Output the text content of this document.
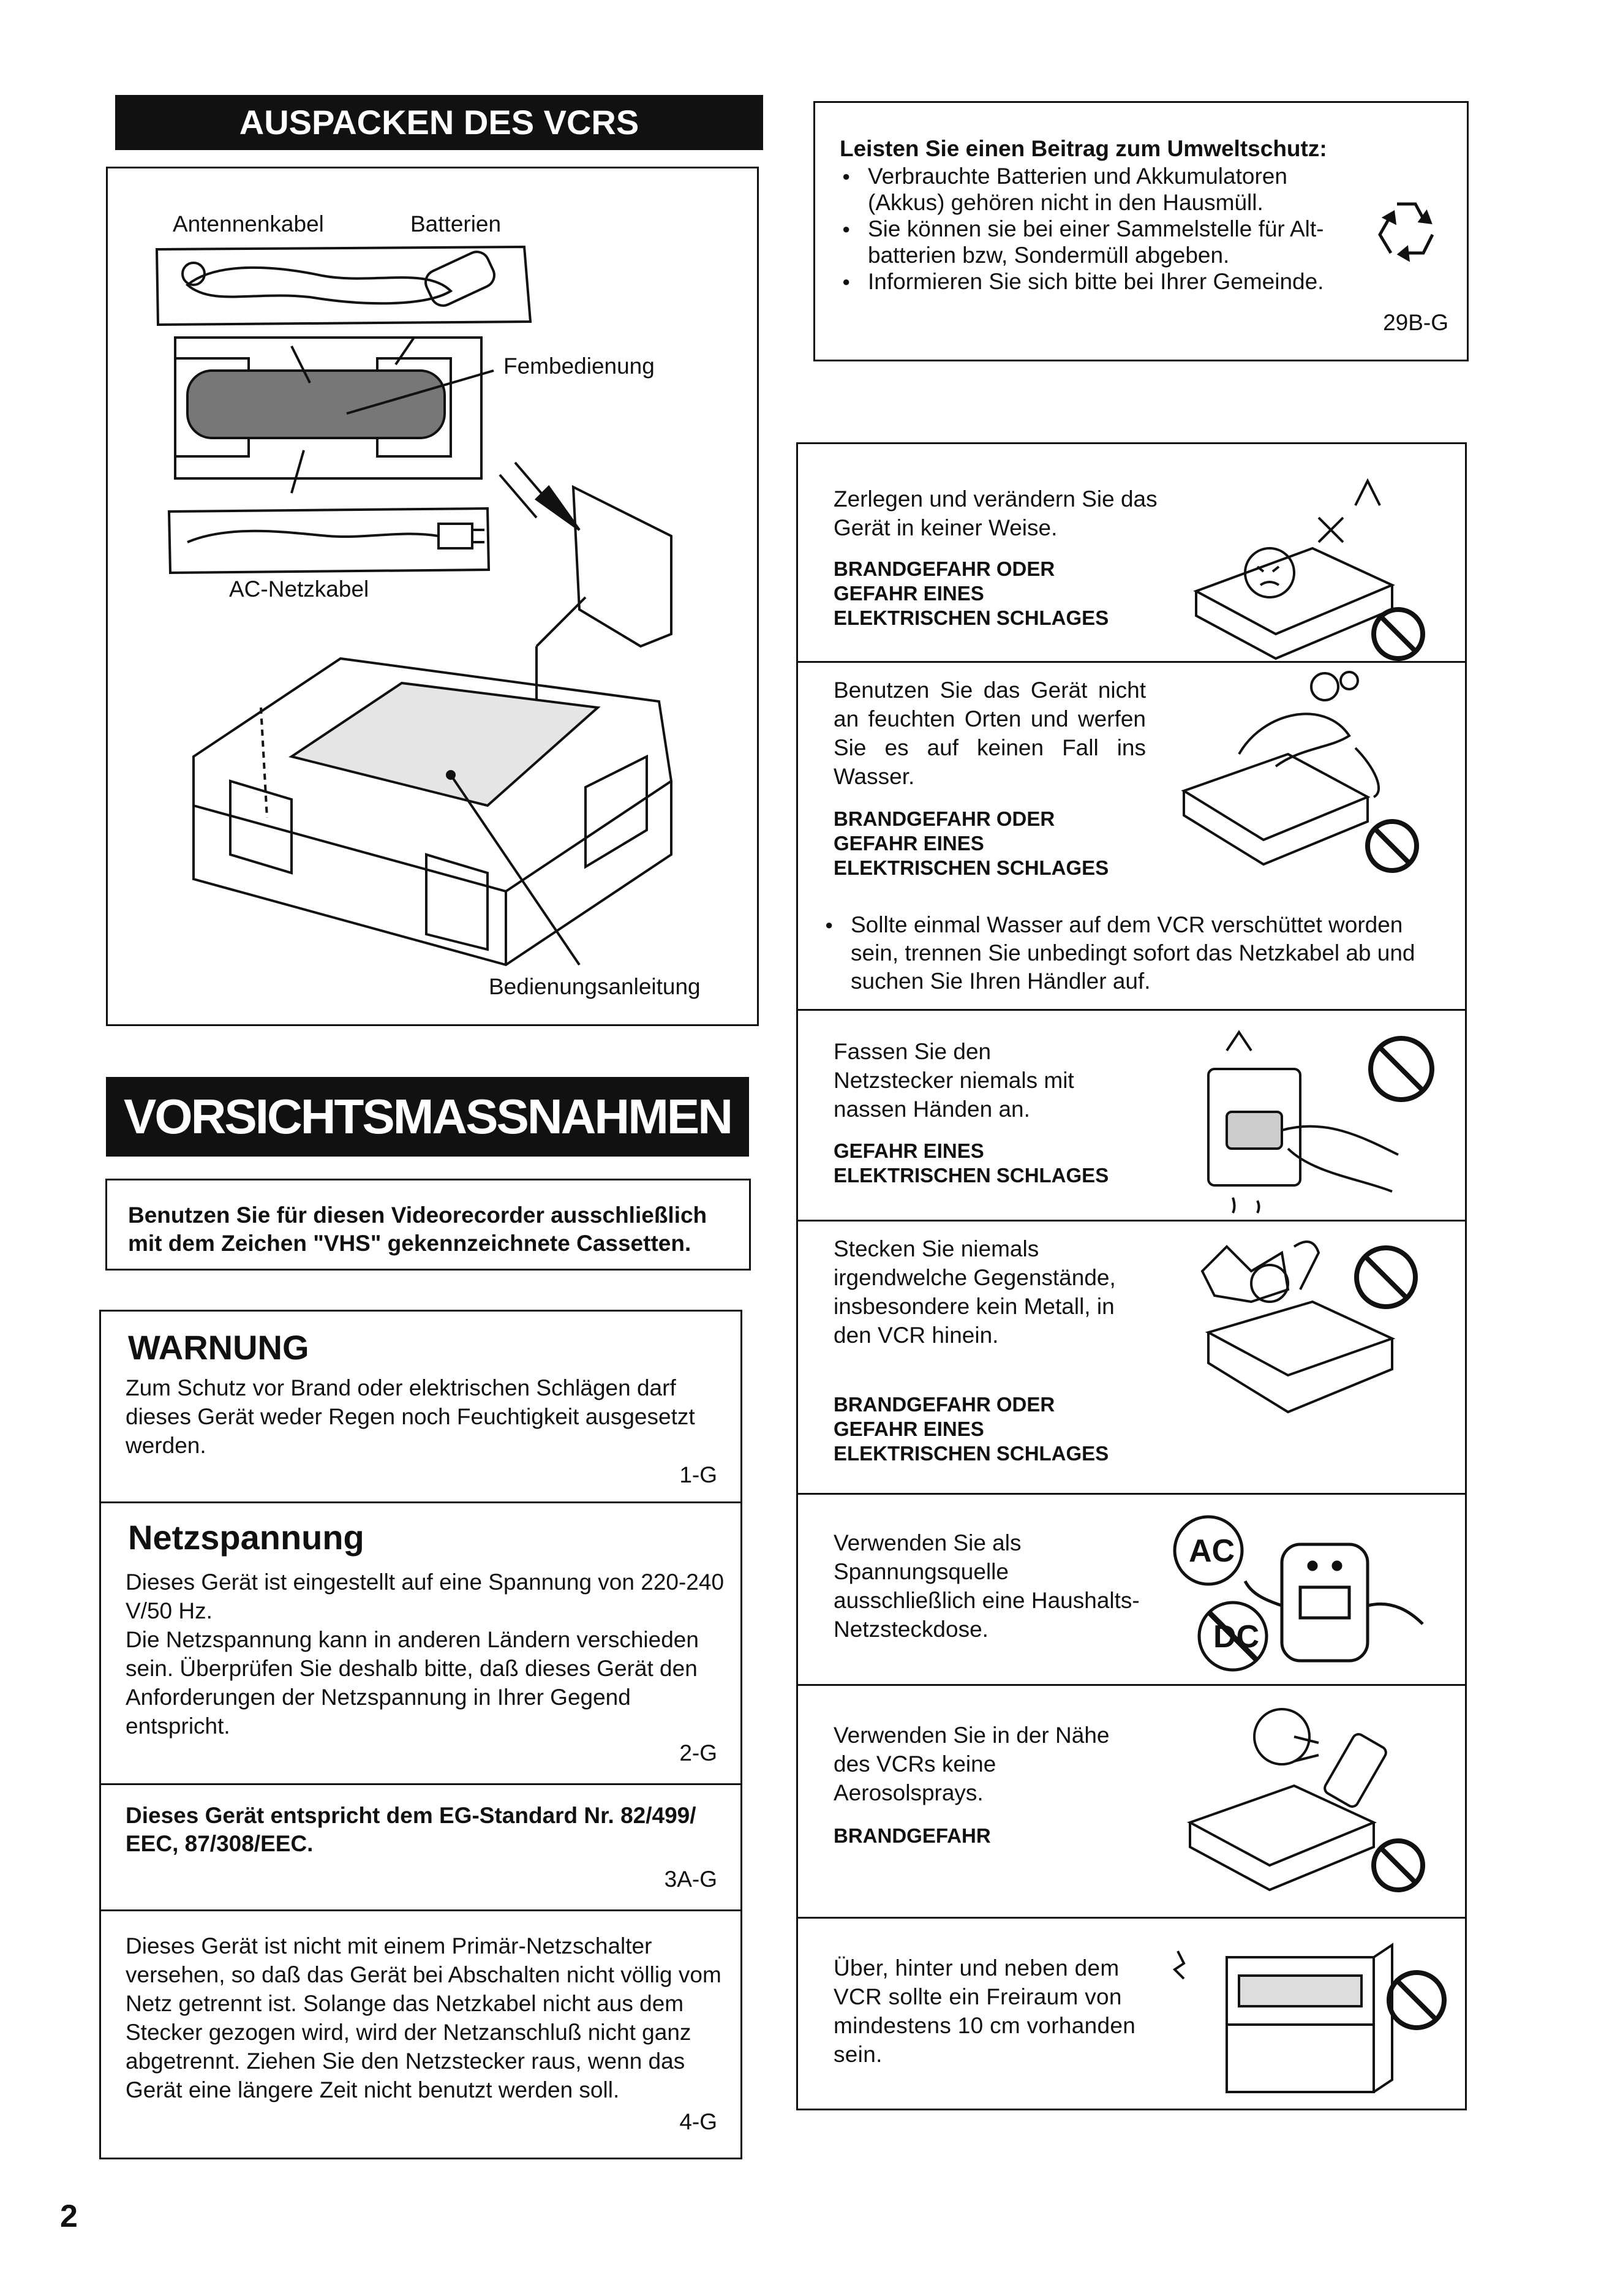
AUSPACKEN DES VCRS
Antennenkabel	Batterien
Fembedienung
AC-Netzkabel
Bedienungsanleitung
VORSICHTSMASSNAHMEN
Benutzen Sie für diesen Videorecorder ausschließlich mit dem Zeichen "VHS" gekennzeichnete Cassetten.
WARNUNG
Zum Schutz vor Brand oder elektrischen Schlägen darf dieses Gerät weder Regen noch Feuchtigkeit ausgesetzt werden.
1-G
Netzspannung
Dieses Gerät ist eingestellt auf eine Spannung von 220-240 V/50 Hz.
Die Netzspannung kann in anderen Ländern verschieden sein. Überprüfen Sie deshalb bitte, daß dieses Gerät den Anforderungen der Netzspannung in Ihrer Gegend entspricht.
2-G
Dieses Gerät entspricht dem EG-Standard Nr. 82/499/ EEC, 87/308/EEC.
3A-G
Dieses Gerät ist nicht mit einem Primär-Netzschalter versehen, so daß das Gerät bei Abschalten nicht völlig vom Netz getrennt ist. Solange das Netzkabel nicht aus dem Stecker gezogen wird, wird der Netzanschluß nicht ganz abgetrennt. Ziehen Sie den Netzstecker raus, wenn das Gerät eine längere Zeit nicht benutzt werden soll.
4-G
Leisten Sie einen Beitrag zum Umweltschutz:
● Verbrauchte Batterien und Akkumulatoren (Akkus) gehören nicht in den Hausmüll.
● Sie können sie bei einer Sammelstelle für Alt-batterien bzw, Sondermüll abgeben.
● Informieren Sie sich bitte bei Ihrer Gemeinde.
29B-G
Zerlegen und verändern Sie das Gerät in keiner Weise.
BRANDGEFAHR ODER GEFAHR EINES ELEKTRISCHEN SCHLAGES
Benutzen Sie das Gerät nicht an feuchten Orten und werfen Sie es auf keinen Fall ins Wasser.
BRANDGEFAHR ODER GEFAHR EINES ELEKTRISCHEN SCHLAGES
● Sollte einmal Wasser auf dem VCR verschüttet worden sein, trennen Sie unbedingt sofort das Netzkabel ab und suchen Sie Ihren Händler auf.
Fassen Sie den Netzstecker niemals mit nassen Händen an.
GEFAHR EINES ELEKTRISCHEN SCHLAGES
Stecken Sie niemals irgendwelche Gegenstände, insbesondere kein Metall, in den VCR hinein.
BRANDGEFAHR ODER GEFAHR EINES ELEKTRISCHEN SCHLAGES
Verwenden Sie als Spannungsquelle ausschließlich eine Haushalts-Netzsteckdose.
AC
DC
Verwenden Sie in der Nähe des VCRs keine Aerosolsprays.
BRANDGEFAHR
Über, hinter und neben dem VCR sollte ein Freiraum von mindestens 10 cm vorhanden sein.
2
